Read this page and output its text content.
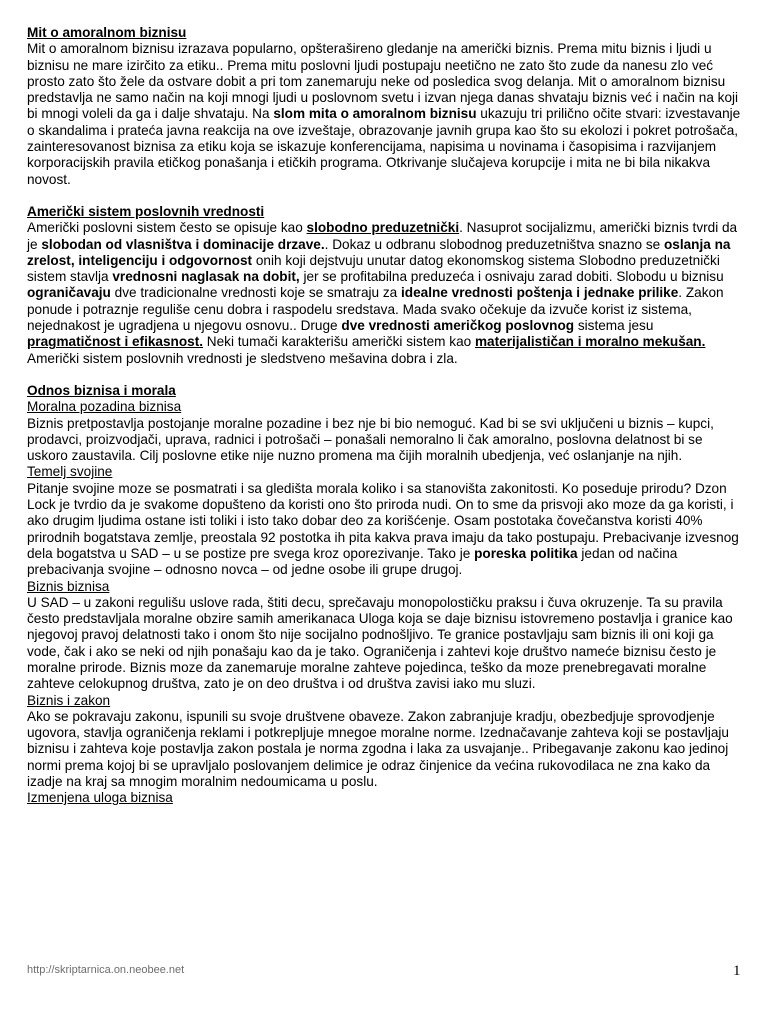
Mit o amoralnom biznisu

Mit o amoralnom biznisu izrazava popularno, opšterašireno gledanje na američki biznis. Prema mitu biznis i ljudi u biznisu ne mare izirčito za etiku.. Prema mitu poslovni ljudi postupaju neetično ne zato što zude da nanesu zlo već prosto zato što žele da ostvare dobit a pri tom zanemaruju neke od posledica svog delanja. Mit o amoralnom biznisu predstavlja ne samo način na koji mnogi ljudi u poslovnom svetu i izvan njega danas shvataju biznis već i način na koji bi mnogi voleli da ga i dalje shvataju. Na slom mita o amoralnom biznisu ukazuju tri prilično očite stvari: izvestavanje o skandalima i prateća javna reakcija na ove izveštaje, obrazovanje javnih grupa kao što su ekolozi i pokret potrošača, zainteresovanost biznisa za etiku koja se iskazuje konferencijama, napisima u novinama i časopisima i razvijanjem korporacijskih pravila etičkog ponašanja i etičkih programa. Otkrivanje slučajeva korupcije i mita ne bi bila nikakva novost.

Američki sistem poslovnih vrednosti

Američki poslovni sistem često se opisuje kao slobodno preduzetnički. Nasuprot socijalizmu, američki biznis tvrdi da je slobodan od vlasništva i dominacije drzave.. Dokaz u odbranu slobodnog preduzetništva snazno se oslanja na zrelost, inteligenciju i odgovornost onih koji dejstvuju unutar datog ekonomskog sistema Slobodno preduzetnički sistem stavlja vrednosni naglasak na dobit, jer se profitabilna preduzeća i osnivaju zarad dobiti. Slobodu u biznisu ograničavaju dve tradicionalne vrednosti koje se smatraju za idealne vrednosti poštenja i jednake prilike. Zakon ponude i potraznje reguliše cenu dobra i raspodelu sredstava. Mada svako očekuje da izvuče korist iz sistema, nejednakost je ugradjena u njegovu osnovu.. Druge dve vrednosti američkog poslovnog sistema jesu pragmatičnost i efikasnost. Neki tumači karakterišu američki sistem kao materijalističan i moralno mekušan. Američki sistem poslovnih vrednosti je sledstveno mešavina dobra i zla.

Odnos biznisa i morala
Moralna pozadina biznisa

Biznis pretpostavlja postojanje moralne pozadine i bez nje bi bio nemoguć. Kad bi se svi uključeni u biznis – kupci, prodavci, proizvodjači, uprava, radnici i potrošači – ponašali nemoralno li čak amoralno, poslovna delatnost bi se uskoro zaustavila. Cilj poslovne etike nije nuzno promena ma čijih moralnih ubedjenja, već oslanjanje na njih.

Temelj svojine

Pitanje svojine moze se posmatrati i sa gledišta morala koliko i sa stanovišta zakonitosti. Ko poseduje prirodu? Dzon Lock je tvrdio da je svakome dopušteno da koristi ono što priroda nudi. On to sme da prisvoji ako moze da ga koristi, i ako drugim ljudima ostane isti toliki i isto tako dobar deo za korišćenje. Osam postotaka čovečanstva koristi 40% prirodnih bogatstava zemlje, preostala 92 postotka ih pita kakva prava imaju da tako postupaju. Prebacivanje izvesnog dela bogatstva u SAD – u se postize pre svega kroz oporezivanje. Tako je poreska politika jedan od načina prebacivanja svojine – odnosno novca – od jedne osobe ili grupe drugoj.

Biznis biznisa

U SAD – u zakoni regulišu uslove rada, štiti decu, sprečavaju monopolostičku praksu i čuva okruzenje. Ta su pravila često predstavljala moralne obzire samih amerikanaca Uloga koja se daje biznisu istovremeno postavlja i granice kao njegovoj pravoj delatnosti tako i onom što nije socijalno podnošljivo. Te granice postavljaju sam biznis ili oni koji ga vode, čak i ako se neki od njih ponašaju kao da je tako. Ograničenja i zahtevi koje društvo nameće biznisu često je moralne prirode. Biznis moze da zanemaruje moralne zahteve pojedinca, teško da moze prenebregavati moralne zahteve celokupnog društva, zato je on deo društva i od društva zavisi iako mu sluzi.

Biznis i zakon

Ako se pokravaju zakonu, ispunili su svoje društvene obaveze. Zakon zabranjuje kradju, obezbedjuje sprovodjenje ugovora, stavlja ograničenja reklami i potkrepljuje mnegoe moralne norme. Izednačavanje zahteva koji se postavljaju biznisu i zahteva koje postavlja zakon postala je norma zgodna i laka za usvajanje.. Pribegavanje zakonu kao jedinoj normi prema kojoj bi se upravljalo poslovanjem delimice je odraz činjenice da većina rukovodilaca ne zna kako da izadje na kraj sa mnogim moralnim nedoumicama u poslu.

Izmenjena uloga biznisa
http://skriptarnica.on.neobee.net	1
